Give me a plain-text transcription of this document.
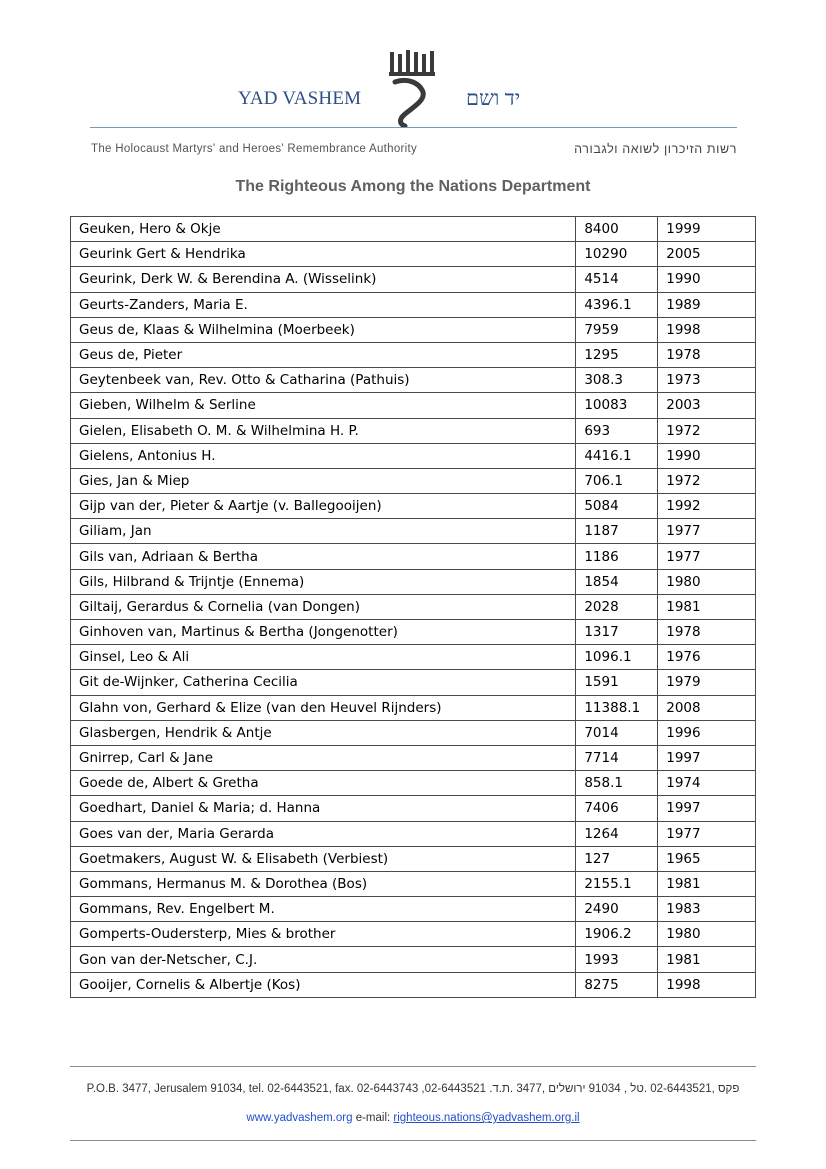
YAD VASHEM	יד ושם
The Holocaust Martyrs' and Heroes' Remembrance Authority	רשות הזיכרון לשואה ולגבורה
The Righteous Among the Nations Department
Geuken, Hero & Okje	8400	1999
Geurink Gert & Hendrika	10290	2005
Geurink, Derk W. & Berendina A. (Wisselink)	4514	1990
Geurts-Zanders, Maria E.	4396.1	1989
Geus de, Klaas & Wilhelmina (Moerbeek)	7959	1998
Geus de, Pieter	1295	1978
Geytenbeek van, Rev. Otto & Catharina (Pathuis)	308.3	1973
Gieben, Wilhelm & Serline	10083	2003
Gielen, Elisabeth O. M. & Wilhelmina H. P.	693	1972
Gielens, Antonius H.	4416.1	1990
Gies, Jan & Miep	706.1	1972
Gijp van der, Pieter & Aartje (v. Ballegooijen)	5084	1992
Giliam, Jan	1187	1977
Gils van, Adriaan & Bertha	1186	1977
Gils, Hilbrand & Trijntje (Ennema)	1854	1980
Giltaij, Gerardus & Cornelia (van Dongen)	2028	1981
Ginhoven van, Martinus & Bertha (Jongenotter)	1317	1978
Ginsel, Leo & Ali	1096.1	1976
Git de-Wijnker, Catherina Cecilia	1591	1979
Glahn von, Gerhard & Elize (van den Heuvel Rijnders)	11388.1	2008
Glasbergen, Hendrik & Antje	7014	1996
Gnirrep, Carl & Jane	7714	1997
Goede de, Albert & Gretha	858.1	1974
Goedhart, Daniel & Maria; d. Hanna	7406	1997
Goes van der, Maria Gerarda	1264	1977
Goetmakers, August W. & Elisabeth (Verbiest)	127	1965
Gommans, Hermanus M. & Dorothea (Bos)	2155.1	1981
Gommans, Rev. Engelbert M.	2490	1983
Gomperts-Oudersterp, Mies & brother	1906.2	1980
Gon van der-Netscher, C.J.	1993	1981
Gooijer, Cornelis & Albertje (Kos)	8275	1998
P.O.B. 3477, Jerusalem 91034, tel. 02-6443521, fax. 02-6443743 ,02-6443521 .פקס ,02-6443521 .טל , 91034 ירושלים ,3477 .ת.ד
www.yadvashem.org e-mail: righteous.nations@yadvashem.org.il
